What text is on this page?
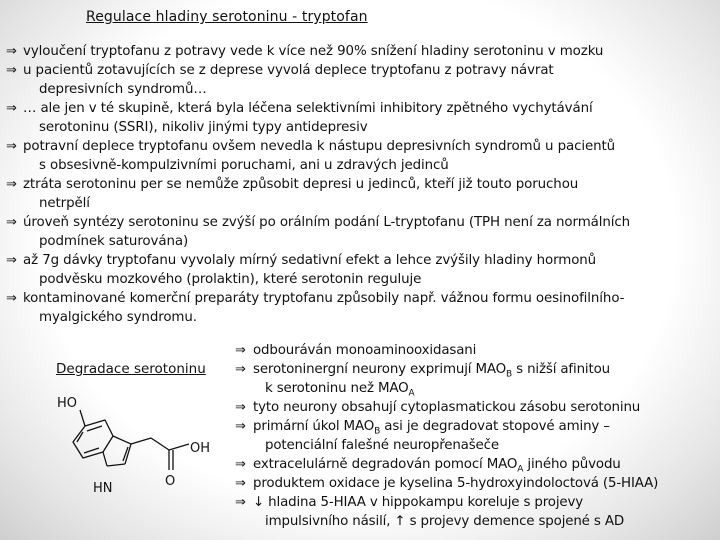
Regulace hladiny serotoninu - tryptofan
⇒ vyloučení tryptofanu z potravy vede k více než 90% snížení hladiny serotoninu v mozku
⇒ u pacientů zotavujících se z deprese vyvolá deplece tryptofanu z potravy návrat
depresivních syndromů…
⇒ … ale jen v té skupině, která byla léčena selektivními inhibitory zpětného vychytávání
serotoninu (SSRI), nikoliv jinými typy antidepresiv
⇒ potravní deplece tryptofanu ovšem nevedla k nástupu depresivních syndromů u pacientů
s obsesivně-kompulzivními poruchami, ani u zdravých jedinců
⇒ ztráta serotoninu per se nemůže způsobit depresi u jedinců, kteří již touto poruchou
netrpělí
⇒ úroveň syntézy serotoninu se zvýší po orálním podání L-tryptofanu (TPH není za normálních
podmínek saturována)
⇒ až 7g dávky tryptofanu vyvolaly mírný sedativní efekt a lehce zvýšily hladiny hormonů
podvěsku mozkového (prolaktin), které serotonin reguluje
⇒ kontaminované komerční preparáty tryptofanu způsobily např. vážnou formu oesinofilního-
myalgického syndromu.
Degradace serotoninu
HO
OH
O
HN
⇒ odbouráván monoaminooxidasani
⇒ serotoninergní neurony exprimují $MAO_B$ s nižší afinitou
k serotoninu než $MAO_A$
⇒ tyto neurony obsahují cytoplasmatickou zásobu serotoninu
⇒ primární úkol $MAO_B$ asi je degradovat stopové aminy –
potenciální falešné neuropřenašeče
⇒ extracelulárně degradován pomocí $MAO_A$ jiného původu
⇒ produktem oxidace je kyselina 5-hydroxyindoloctová (5-HIAA)
⇒ ↓ hladina 5-HIAA v hippokampu koreluje s projevy
impulsivního násilí, ↑ s projevy demence spojené s AD
